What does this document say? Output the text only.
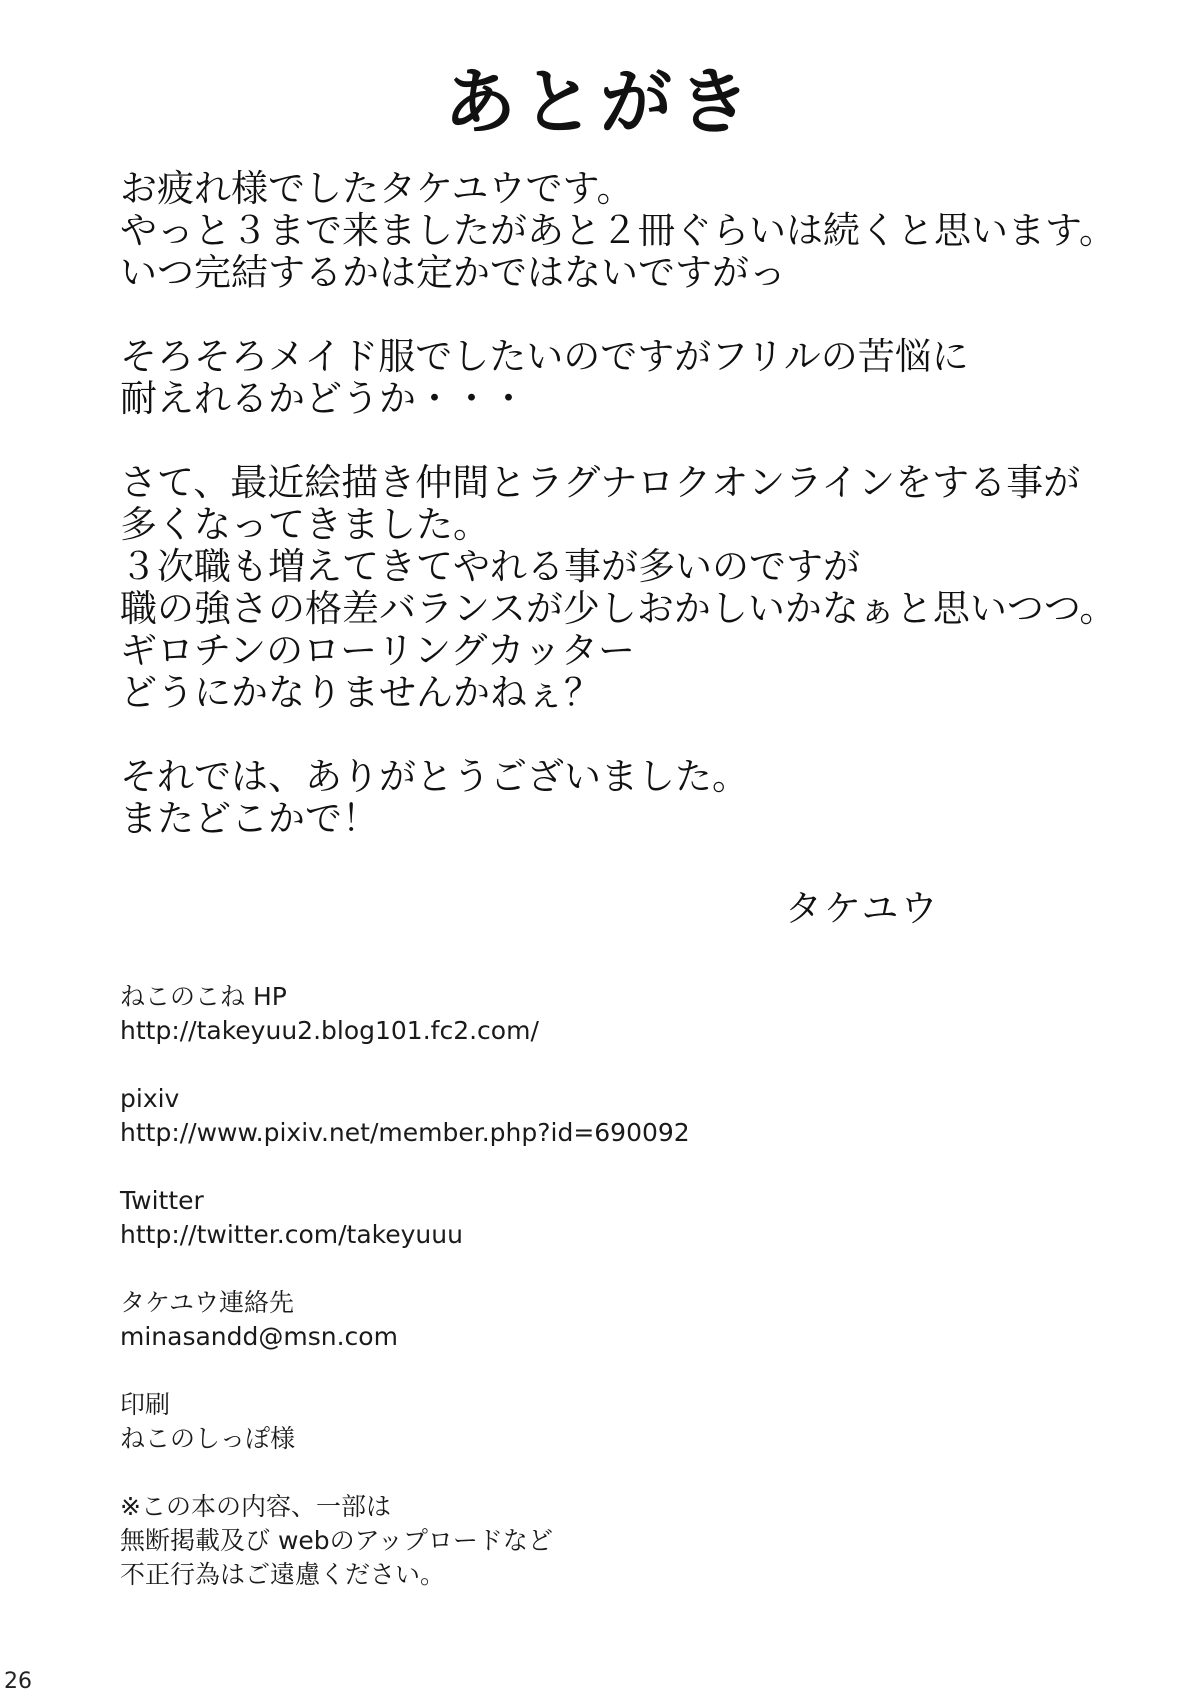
あとがき
お疲れ様でしたタケユウです。
やっと３まで来ましたがあと２冊ぐらいは続くと思います。
いつ完結するかは定かではないですがっ
そろそろメイド服でしたいのですがフリルの苦悩に
耐えれるかどうか・・・
さて、最近絵描き仲間とラグナロクオンラインをする事が
多くなってきました。
３次職も増えてきてやれる事が多いのですが
職の強さの格差バランスが少しおかしいかなぁと思いつつ。
ギロチンのローリングカッター
どうにかなりませんかねぇ？
それでは、ありがとうございました。
またどこかで！
タケユウ
ねこのこね HP
http://takeyuu2.blog101.fc2.com/
pixiv
http://www.pixiv.net/member.php?id=690092
Twitter
http://twitter.com/takeyuuu
タケユウ連絡先
minasandd@msn.com
印刷
ねこのしっぽ様
※この本の内容、一部は
無断掲載及び webのアップロードなど
不正行為はご遠慮ください。
26
